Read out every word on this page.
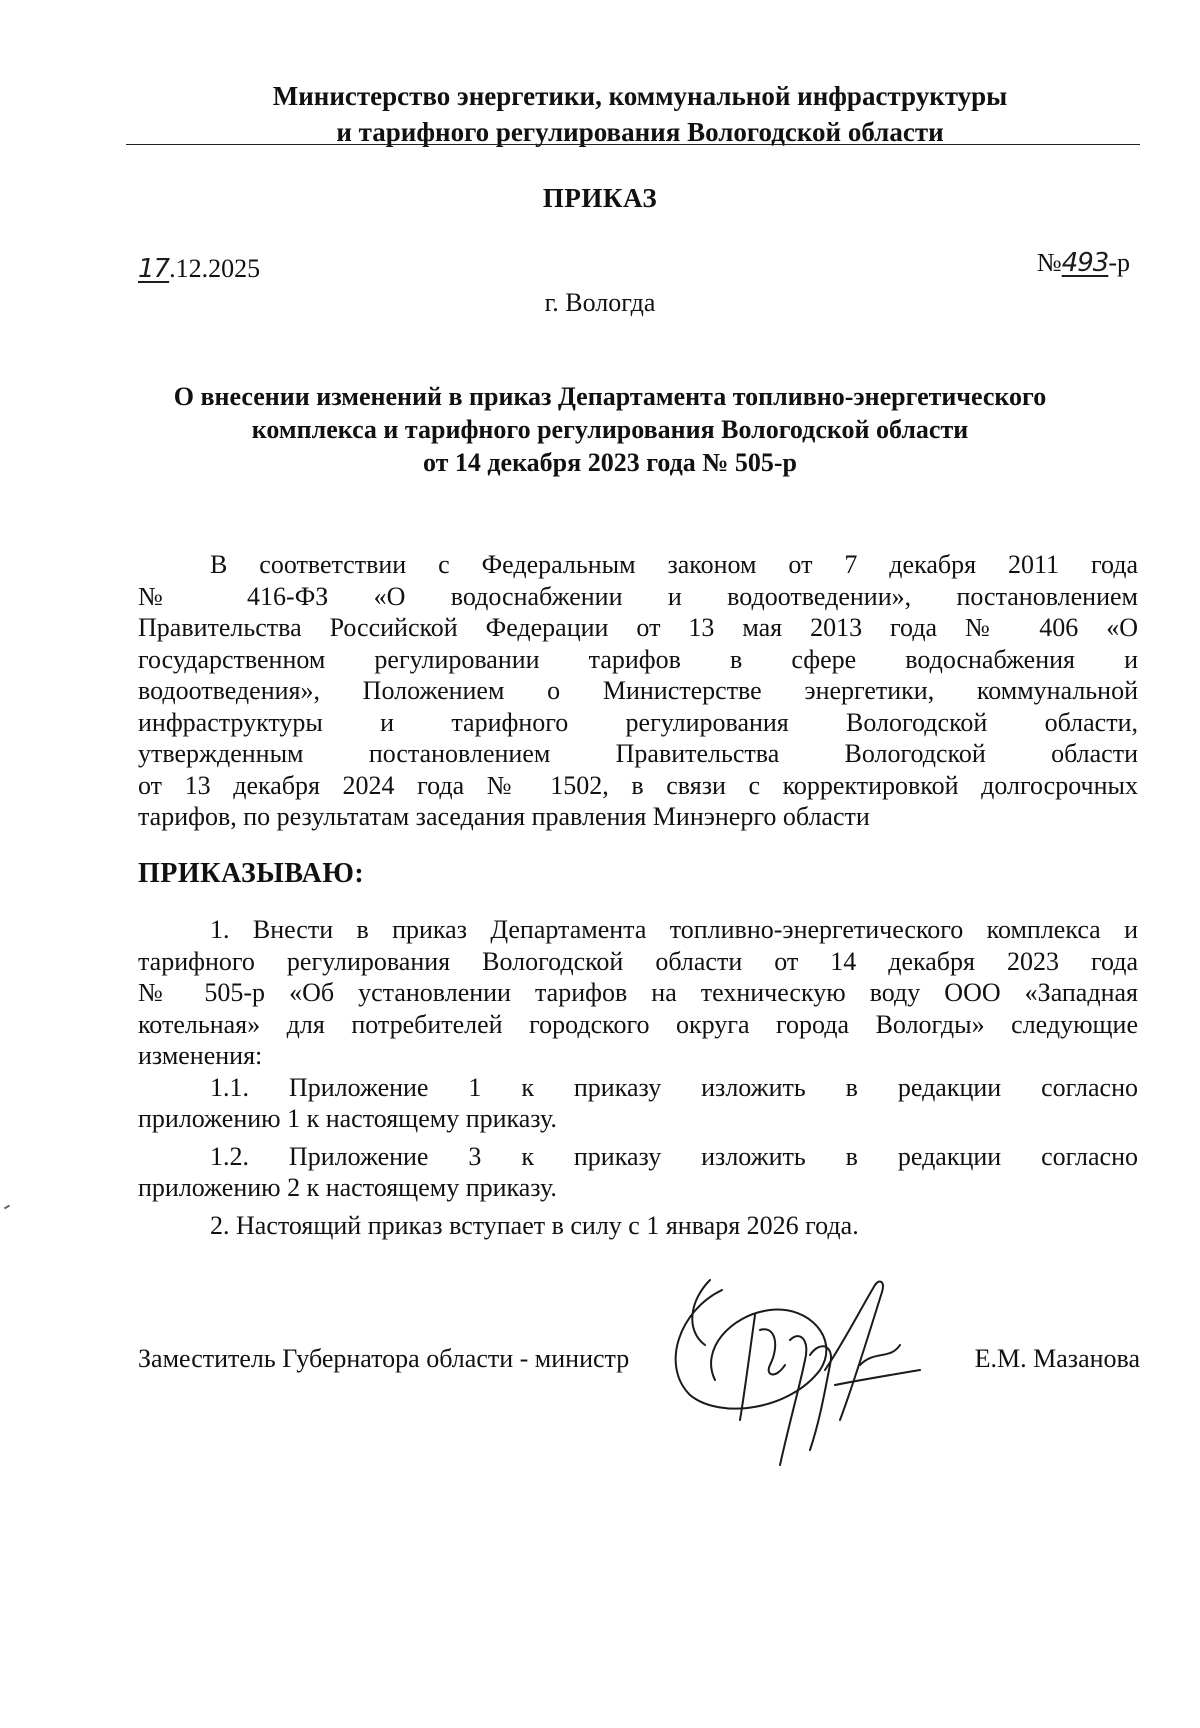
Министерство энергетики, коммунальной инфраструктуры
и тарифного регулирования Вологодской области
ПРИКАЗ
17.12.2025	№493-р
г. Вологда
О внесении изменений в приказ Департамента топливно-энергетического
комплекса и тарифного регулирования Вологодской области
от 14 декабря 2023 года № 505-р
В соответствии с Федеральным законом от 7 декабря 2011 года
№ 416-ФЗ «О водоснабжении и водоотведении», постановлением
Правительства Российской Федерации от 13 мая 2013 года № 406 «О
государственном регулировании тарифов в сфере водоснабжения и
водоотведения», Положением о Министерстве энергетики, коммунальной
инфраструктуры и тарифного регулирования Вологодской области,
утвержденным постановлением Правительства Вологодской области
от 13 декабря 2024 года № 1502, в связи с корректировкой долгосрочных
тарифов, по результатам заседания правления Минэнерго области
ПРИКАЗЫВАЮ:
1. Внести в приказ Департамента топливно-энергетического комплекса и
тарифного регулирования Вологодской области от 14 декабря 2023 года
№ 505-р «Об установлении тарифов на техническую воду ООО «Западная
котельная» для потребителей городского округа города Вологды» следующие
изменения:
1.1. Приложение 1 к приказу изложить в редакции согласно
приложению 1 к настоящему приказу.
1.2. Приложение 3 к приказу изложить в редакции согласно
приложению 2 к настоящему приказу.
2. Настоящий приказ вступает в силу с 1 января 2026 года.
Заместитель Губернатора области - министр	Е.М. Мазанова
